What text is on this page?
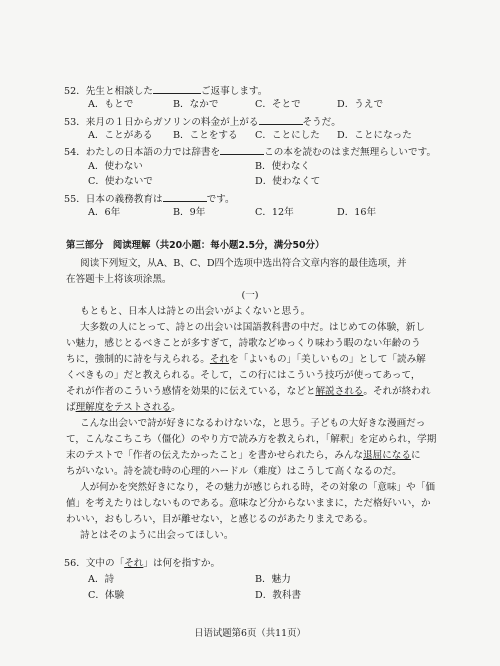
52．先生と相談した	ご返事します。
A．もとで	B．なかで	C．そとで	D．うえで
53．来月の１日からガソリンの料金が上がる	そうだ。
A．ことがある B．ことをする C．ことにした D．ことになった
54．わたしの日本語の力では辞書を	この本を読むのはまだ無理らしいです。
A．使わない	B．使わなく
C．使わないで	D．使わなくて
55．日本の義務教育は	です。
A．6年	B．9年	C．12年	D．16年
第三部分　阅读理解（共20小题：每小题2.5分，满分50分）
阅读下列短文，从A、B、C、D四个选项中选出符合文章内容的最佳选项，并
在答题卡上将该项涂黑。
(一)
もともと、日本人は詩との出会いがよくないと思う。
大多数の人にとって、詩との出会いは国語教科書の中だ。はじめての体験，新し
い魅力，感じとるべきことが多すぎて，詩歌などゆっくり味わう暇のない年齢のう
ちに，強制的に詩を与えられる。それを「よいもの」「美しいもの」として「読み解
くべきもの」だと教えられる。そして，この行にはこういう技巧が使ってあって，
それが作者のこういう感情を効果的に伝えている，などと解説される。それが終われ
ば理解度をテストされる。
こんな出会いで詩が好きになるわけないな，と思う。子どもの大好きな漫画だっ
て，こんなこちこち（僵化）のやり方で読み方を教えられ，「解釈」を定められ，学期
末のテストで「作者の伝えたかったこと」を書かせられたら，みんな退屈になるに
ちがいない。詩を読む時の心理的ハードル（难度）はこうして高くなるのだ。
人が何かを突然好きになり，その魅力が感じられる時，その対象の「意味」や「価
値」を考えたりはしないものである。意味など分からないままに，ただ格好いい，か
わいい，おもしろい，目が離せない，と感じるのがあたりまえである。
詩とはそのように出会ってほしい。
56．文中の「それ」は何を指すか。
A．詩	B．魅力
C．体験	D．教科書
日语试题第6页（共11页）
